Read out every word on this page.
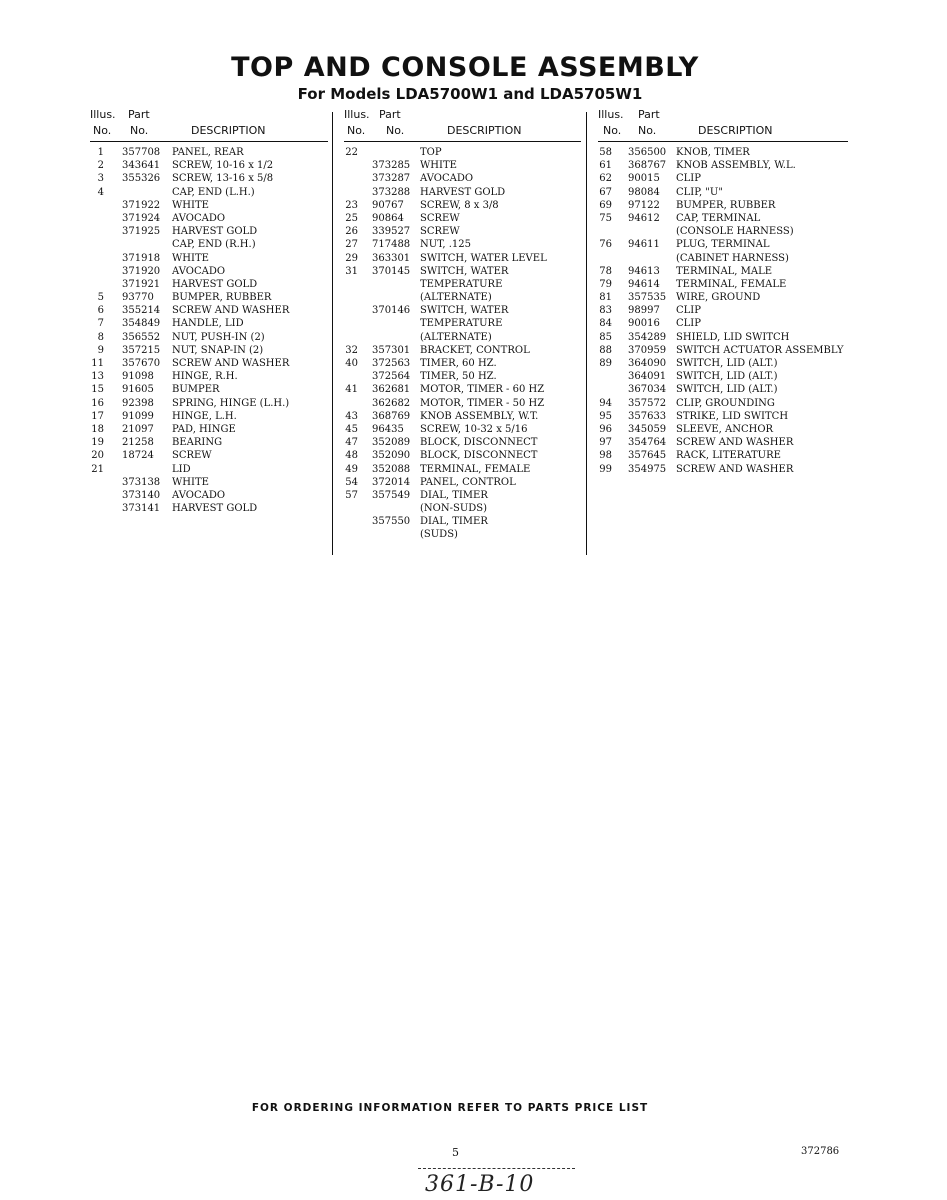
TOP AND CONSOLE ASSEMBLY
For Models LDA5700W1 and LDA5705W1
Illus. Part
No. No.	DESCRIPTION
1 357708 PANEL, REAR
2 343641 SCREW, 10-16 x 1/2
3 355326 SCREW, 13-16 x 5/8
4	CAP, END (L.H.)
371922 WHITE
371924 AVOCADO
371925 HARVEST GOLD
CAP, END (R.H.)
371918 WHITE
371920 AVOCADO
371921 HARVEST GOLD
5 93770 BUMPER, RUBBER
6 355214 SCREW AND WASHER
7 354849 HANDLE, LID
8 356552 NUT, PUSH-IN (2)
9 357215 NUT, SNAP-IN (2)
11 357670 SCREW AND WASHER
13 91098 HINGE, R.H.
15 91605 BUMPER
16 92398 SPRING, HINGE (L.H.)
17 91099 HINGE, L.H.
18 21097 PAD, HINGE
19 21258 BEARING
20 18724 SCREW
21	LID
373138 WHITE
373140 AVOCADO
373141 HARVEST GOLD
Illus. Part
No. No.	DESCRIPTION
22	TOP
373285 WHITE
373287 AVOCADO
373288 HARVEST GOLD
23 90767 SCREW, 8 x 3/8
25 90864 SCREW
26 339527 SCREW
27 717488 NUT, .125
29 363301 SWITCH, WATER LEVEL
31 370145 SWITCH, WATER
TEMPERATURE
(ALTERNATE)
370146 SWITCH, WATER
TEMPERATURE
(ALTERNATE)
32 357301 BRACKET, CONTROL
40 372563 TIMER, 60 HZ.
372564 TIMER, 50 HZ.
41 362681 MOTOR, TIMER - 60 HZ
362682 MOTOR, TIMER - 50 HZ
43 368769 KNOB ASSEMBLY, W.T.
45 96435 SCREW, 10-32 x 5/16
47 352089 BLOCK, DISCONNECT
48 352090 BLOCK, DISCONNECT
49 352088 TERMINAL, FEMALE
54 372014 PANEL, CONTROL
57 357549 DIAL, TIMER
(NON-SUDS)
357550 DIAL, TIMER
(SUDS)
Illus. Part
No. No.	DESCRIPTION
58 356500 KNOB, TIMER
61 368767 KNOB ASSEMBLY, W.L.
62 90015 CLIP
67 98084 CLIP, "U"
69 97122 BUMPER, RUBBER
75 94612 CAP, TERMINAL
(CONSOLE HARNESS)
76 94611 PLUG, TERMINAL
(CABINET HARNESS)
78 94613 TERMINAL, MALE
79 94614 TERMINAL, FEMALE
81 357535 WIRE, GROUND
83 98997 CLIP
84 90016 CLIP
85 354289 SHIELD, LID SWITCH
88 370959 SWITCH ACTUATOR ASSEMBLY
89 364090 SWITCH, LID (ALT.)
364091 SWITCH, LID (ALT.)
367034 SWITCH, LID (ALT.)
94 357572 CLIP, GROUNDING
95 357633 STRIKE, LID SWITCH
96 345059 SLEEVE, ANCHOR
97 354764 SCREW AND WASHER
98 357645 RACK, LITERATURE
99 354975 SCREW AND WASHER
FOR ORDERING INFORMATION REFER TO PARTS PRICE LIST
5	372786
361-B-10
